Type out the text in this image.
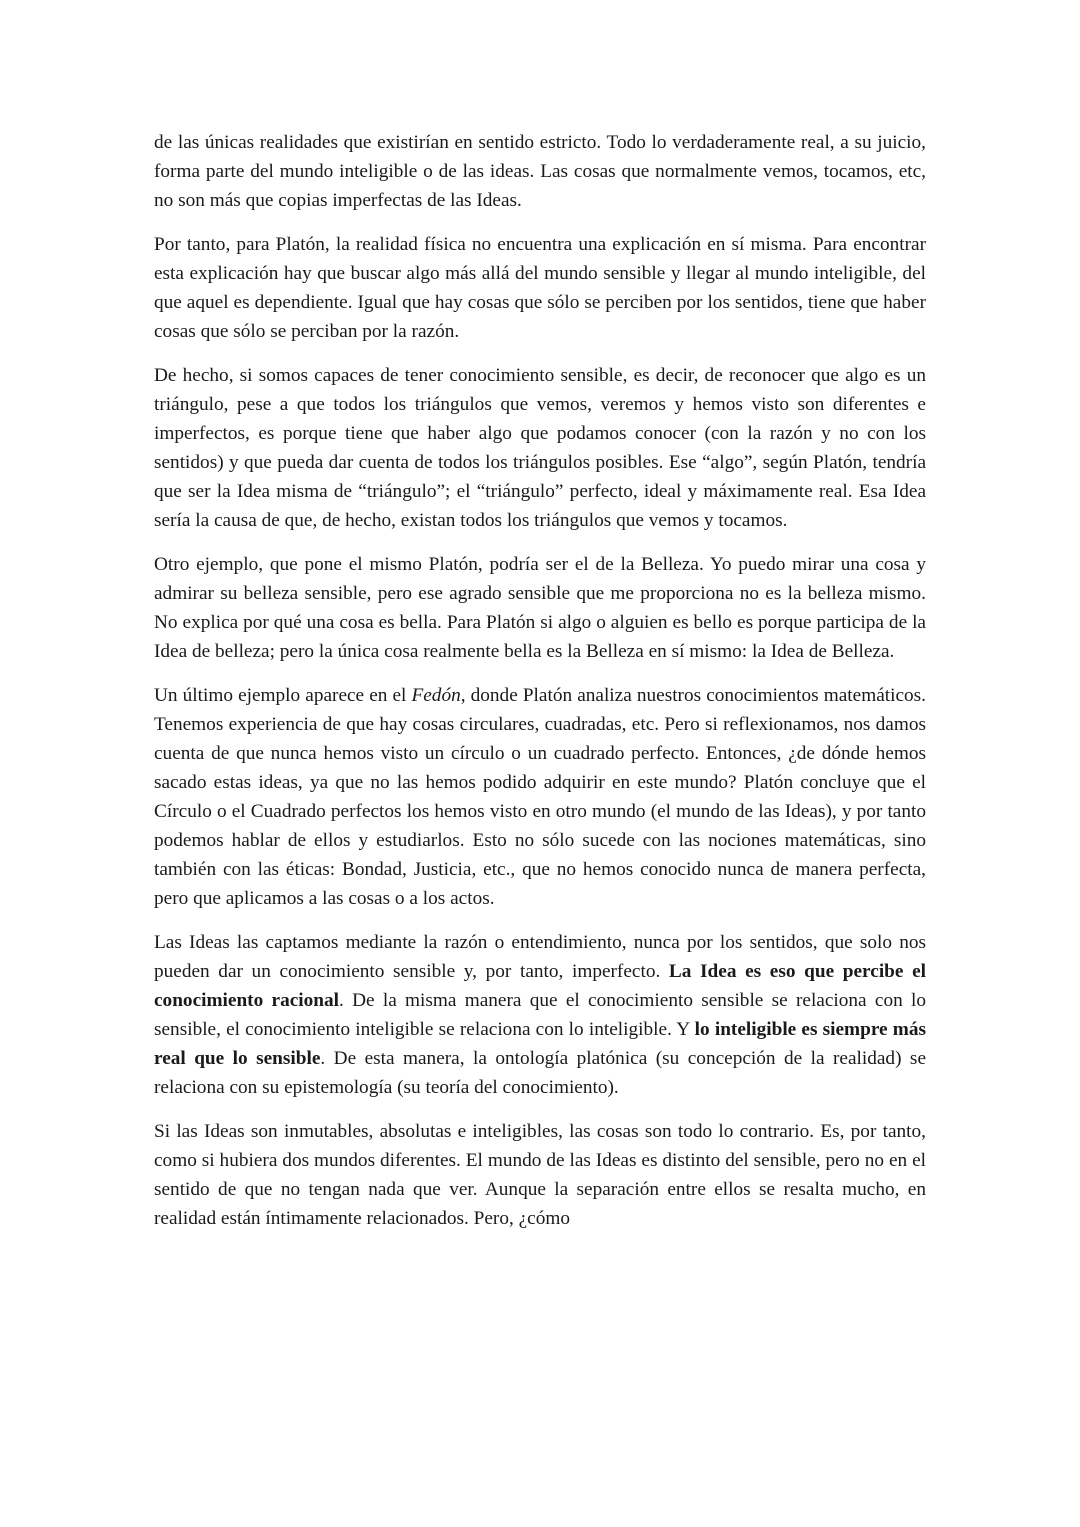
de las únicas realidades que existirían en sentido estricto. Todo lo verdaderamente real, a su juicio, forma parte del mundo inteligible o de las ideas. Las cosas que normalmente vemos, tocamos, etc, no son más que copias imperfectas de las Ideas.

Por tanto, para Platón, la realidad física no encuentra una explicación en sí misma. Para encontrar esta explicación hay que buscar algo más allá del mundo sensible y llegar al mundo inteligible, del que aquel es dependiente. Igual que hay cosas que sólo se perciben por los sentidos, tiene que haber cosas que sólo se perciban por la razón.

De hecho, si somos capaces de tener conocimiento sensible, es decir, de reconocer que algo es un triángulo, pese a que todos los triángulos que vemos, veremos y hemos visto son diferentes e imperfectos, es porque tiene que haber algo que podamos conocer (con la razón y no con los sentidos) y que pueda dar cuenta de todos los triángulos posibles. Ese “algo”, según Platón, tendría que ser la Idea misma de “triángulo”; el “triángulo” perfecto, ideal y máximamente real. Esa Idea sería la causa de que, de hecho, existan todos los triángulos que vemos y tocamos.

Otro ejemplo, que pone el mismo Platón, podría ser el de la Belleza. Yo puedo mirar una cosa y admirar su belleza sensible, pero ese agrado sensible que me proporciona no es la belleza mismo. No explica por qué una cosa es bella. Para Platón si algo o alguien es bello es porque participa de la Idea de belleza; pero la única cosa realmente bella es la Belleza en sí mismo: la Idea de Belleza.

Un último ejemplo aparece en el Fedón, donde Platón analiza nuestros conocimientos matemáticos. Tenemos experiencia de que hay cosas circulares, cuadradas, etc. Pero si reflexionamos, nos damos cuenta de que nunca hemos visto un círculo o un cuadrado perfecto. Entonces, ¿de dónde hemos sacado estas ideas, ya que no las hemos podido adquirir en este mundo? Platón concluye que el Círculo o el Cuadrado perfectos los hemos visto en otro mundo (el mundo de las Ideas), y por tanto podemos hablar de ellos y estudiarlos. Esto no sólo sucede con las nociones matemáticas, sino también con las éticas: Bondad, Justicia, etc., que no hemos conocido nunca de manera perfecta, pero que aplicamos a las cosas o a los actos.

Las Ideas las captamos mediante la razón o entendimiento, nunca por los sentidos, que solo nos pueden dar un conocimiento sensible y, por tanto, imperfecto. La Idea es eso que percibe el conocimiento racional. De la misma manera que el conocimiento sensible se relaciona con lo sensible, el conocimiento inteligible se relaciona con lo inteligible. Y lo inteligible es siempre más real que lo sensible. De esta manera, la ontología platónica (su concepción de la realidad) se relaciona con su epistemología (su teoría del conocimiento).

Si las Ideas son inmutables, absolutas e inteligibles, las cosas son todo lo contrario. Es, por tanto, como si hubiera dos mundos diferentes. El mundo de las Ideas es distinto del sensible, pero no en el sentido de que no tengan nada que ver. Aunque la separación entre ellos se resalta mucho, en realidad están íntimamente relacionados. Pero, ¿cómo
